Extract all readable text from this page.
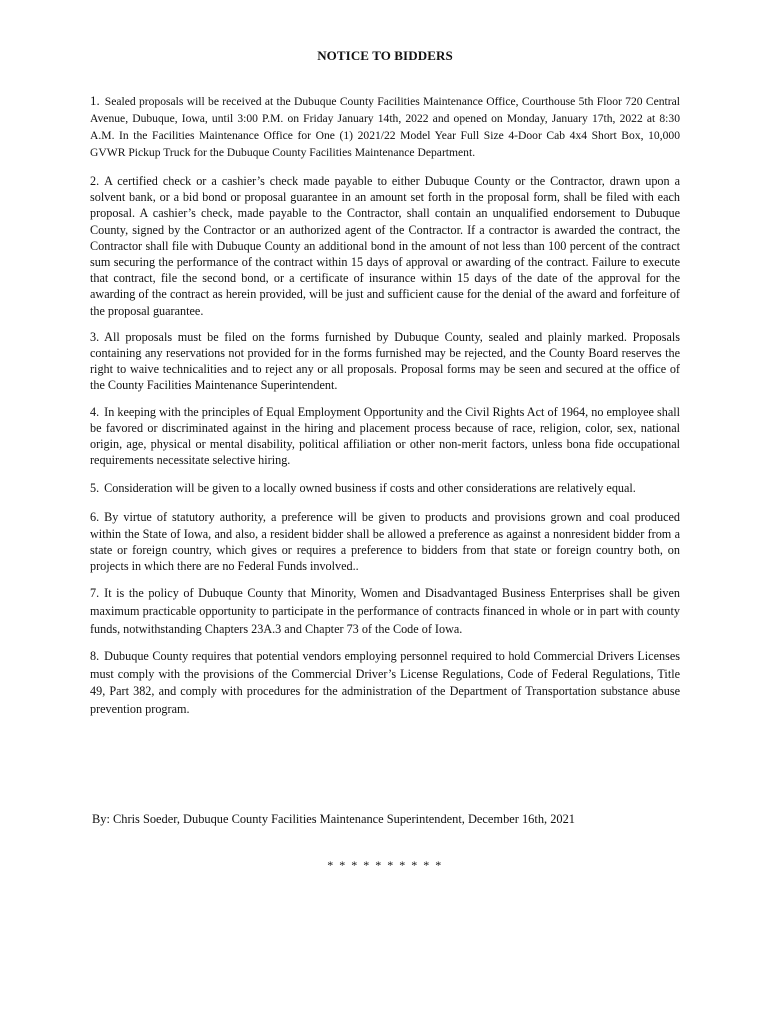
NOTICE TO BIDDERS

1. Sealed proposals will be received at the Dubuque County Facilities Maintenance Office, Courthouse 5th Floor 720 Central Avenue, Dubuque, Iowa, until 3:00 P.M. on Friday January 14th, 2022 and opened on Monday, January 17th, 2022 at 8:30 A.M. In the Facilities Maintenance Office for One (1) 2021/22 Model Year Full Size 4-Door Cab 4x4 Short Box, 10,000 GVWR Pickup Truck for the Dubuque County Facilities Maintenance Department.

2. A certified check or a cashier’s check made payable to either Dubuque County or the Contractor, drawn upon a solvent bank, or a bid bond or proposal guarantee in an amount set forth in the proposal form, shall be filed with each proposal. A cashier’s check, made payable to the Contractor, shall contain an unqualified endorsement to Dubuque County, signed by the Contractor or an authorized agent of the Contractor. If a contractor is awarded the contract, the Contractor shall file with Dubuque County an additional bond in the amount of not less than 100 percent of the contract sum securing the performance of the contract within 15 days of approval or awarding of the contract. Failure to execute that contract, file the second bond, or a certificate of insurance within 15 days of the date of the approval for the awarding of the contract as herein provided, will be just and sufficient cause for the denial of the award and forfeiture of the proposal guarantee.

3. All proposals must be filed on the forms furnished by Dubuque County, sealed and plainly marked. Proposals containing any reservations not provided for in the forms furnished may be rejected, and the County Board reserves the right to waive technicalities and to reject any or all proposals. Proposal forms may be seen and secured at the office of the County Facilities Maintenance Superintendent.

4. In keeping with the principles of Equal Employment Opportunity and the Civil Rights Act of 1964, no employee shall be favored or discriminated against in the hiring and placement process because of race, religion, color, sex, national origin, age, physical or mental disability, political affiliation or other non-merit factors, unless bona fide occupational requirements necessitate selective hiring.

5. Consideration will be given to a locally owned business if costs and other considerations are relatively equal.

6. By virtue of statutory authority, a preference will be given to products and provisions grown and coal produced within the State of Iowa, and also, a resident bidder shall be allowed a preference as against a nonresident bidder from a state or foreign country, which gives or requires a preference to bidders from that state or foreign country both, on projects in which there are no Federal Funds involved..

7. It is the policy of Dubuque County that Minority, Women and Disadvantaged Business Enterprises shall be given maximum practicable opportunity to participate in the performance of contracts financed in whole or in part with county funds, notwithstanding Chapters 23A.3 and Chapter 73 of the Code of Iowa.

8. Dubuque County requires that potential vendors employing personnel required to hold Commercial Drivers Licenses must comply with the provisions of the Commercial Driver’s License Regulations, Code of Federal Regulations, Title 49, Part 382, and comply with procedures for the administration of the Department of Transportation substance abuse prevention program.

By: Chris Soeder, Dubuque County Facilities Maintenance Superintendent, December 16th, 2021
* * * * * * * * * *
